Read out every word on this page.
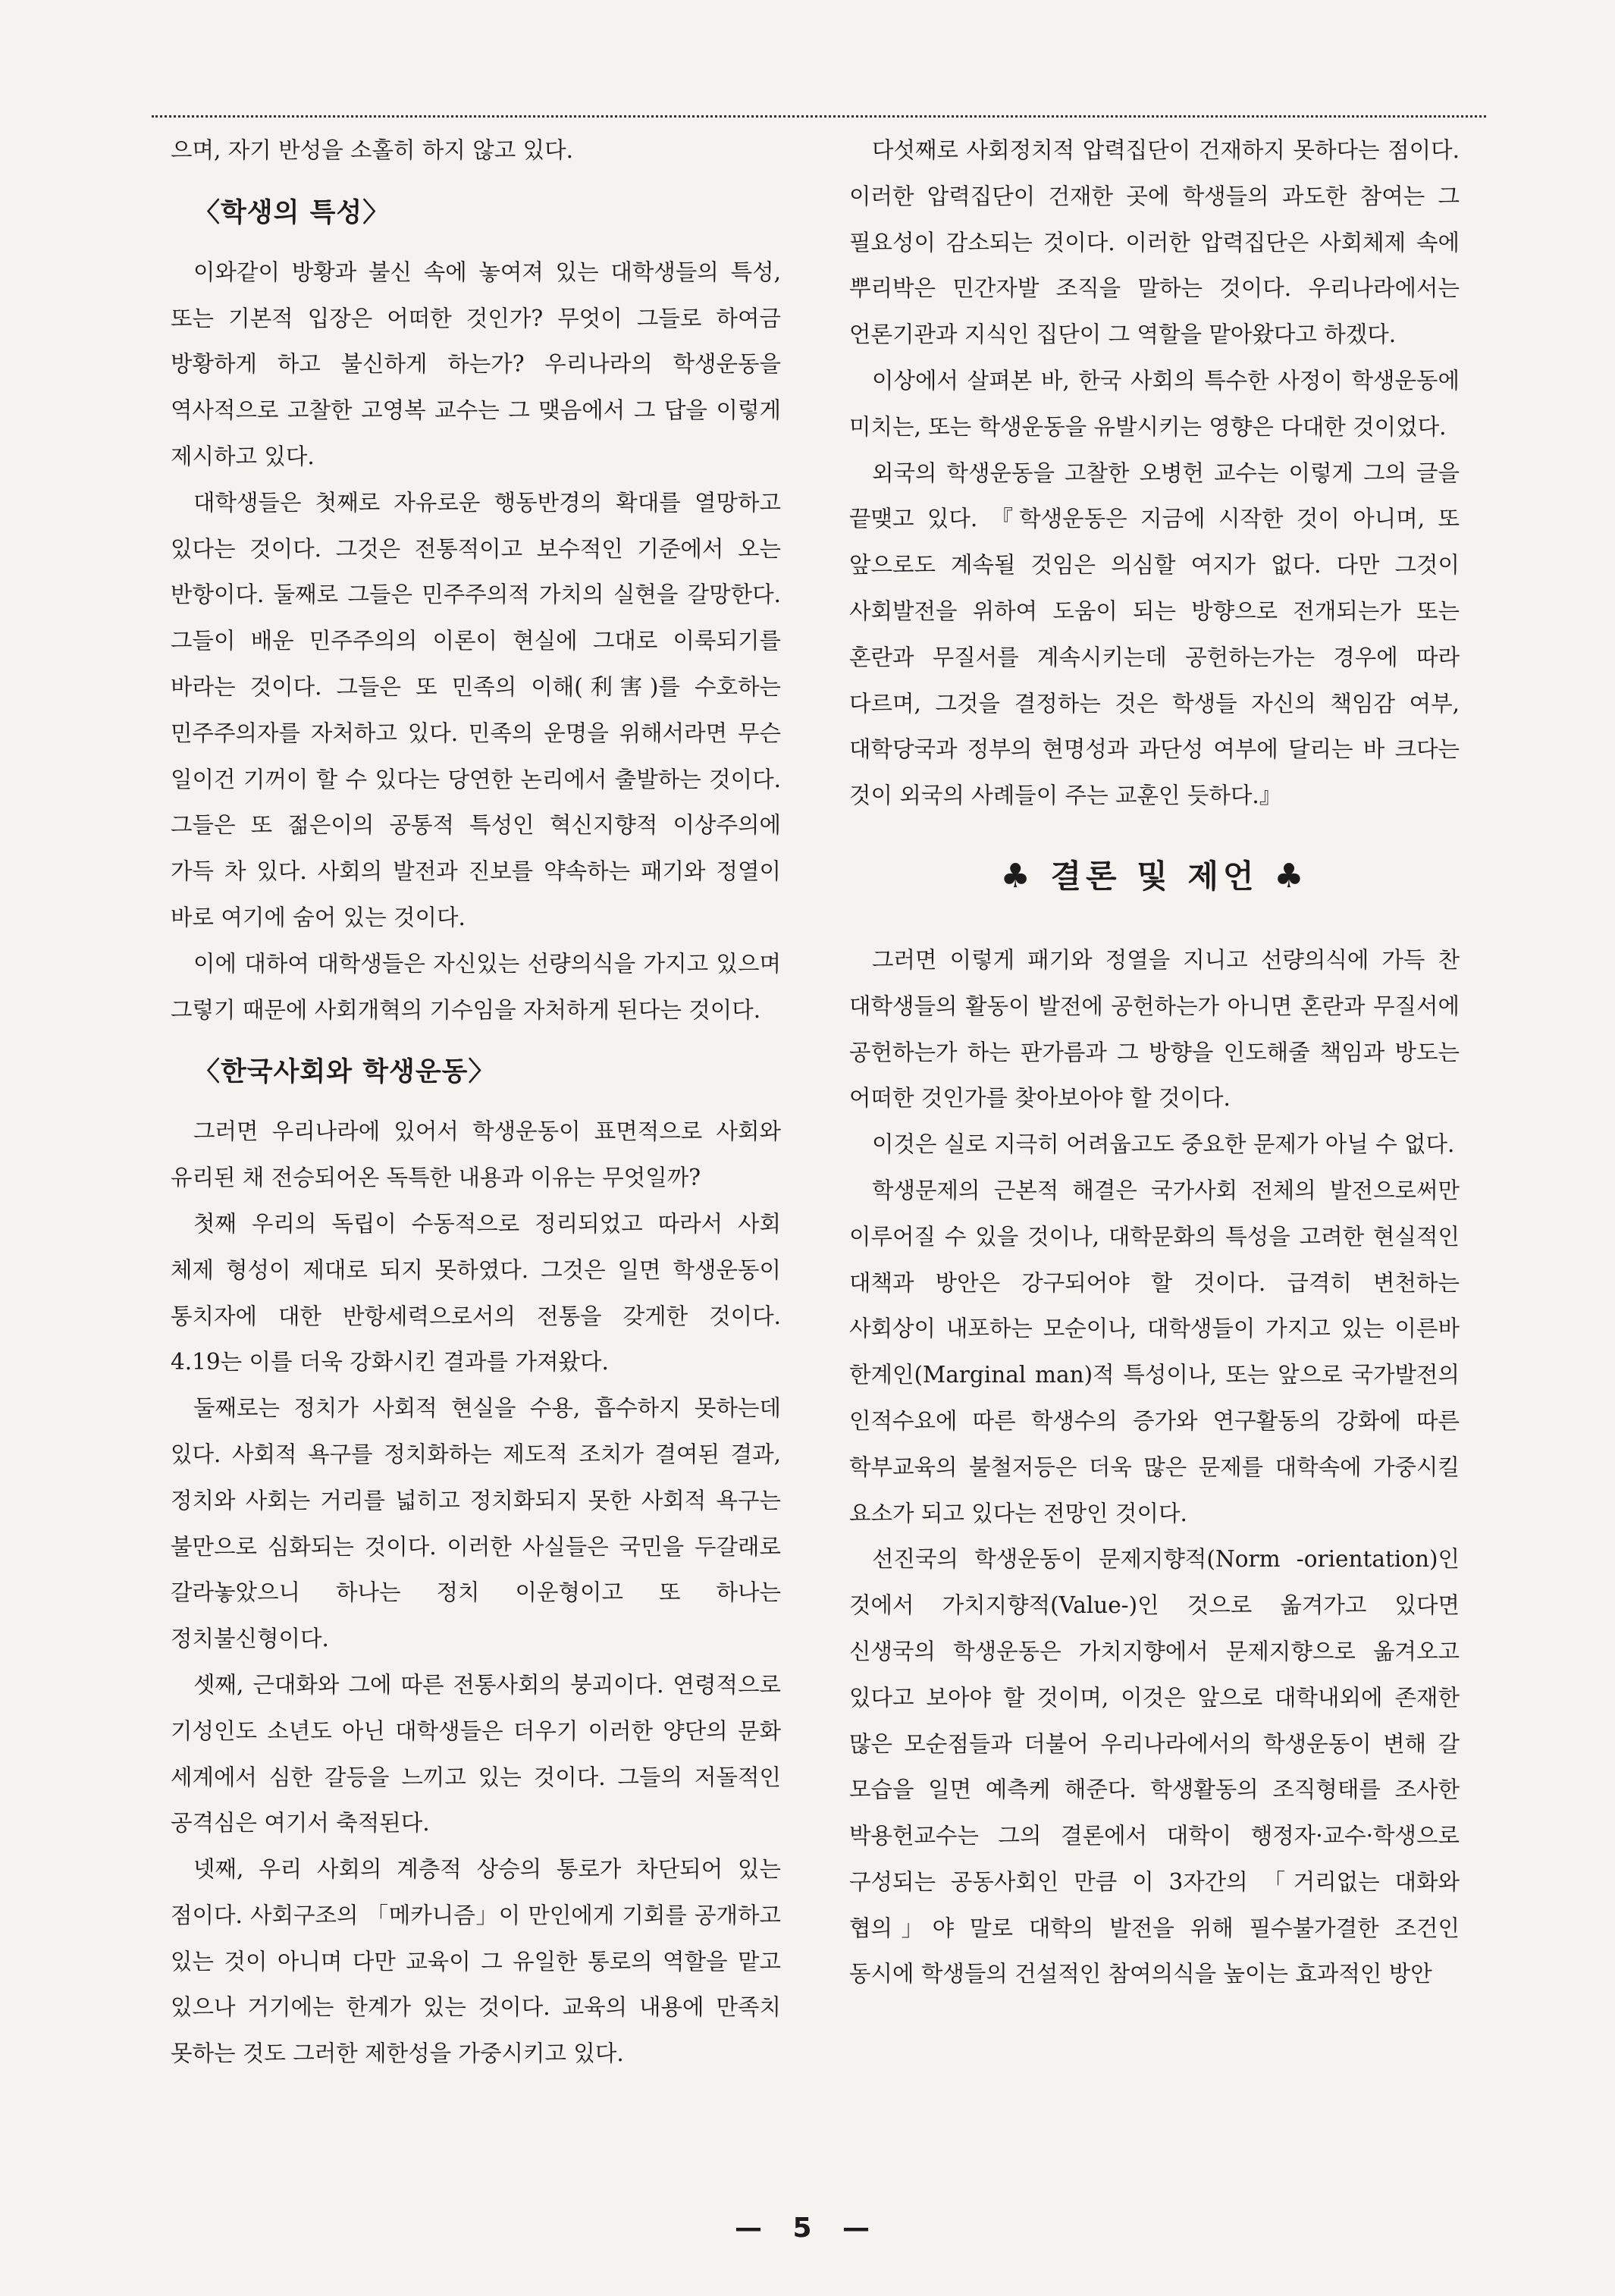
으며, 자기 반성을 소홀히 하지 않고 있다.

〈학생의 특성〉

이와같이 방황과 불신 속에 놓여져 있는 대학생들의 특성, 또는 기본적 입장은 어떠한 것인가? 무엇이 그들로 하여금 방황하게 하고 불신하게 하는가? 우리나라의 학생운동을 역사적으로 고찰한 고영복 교수는 그 맺음에서 그 답을 이렇게 제시하고 있다.

대학생들은 첫째로 자유로운 행동반경의 확대를 열망하고 있다는 것이다. 그것은 전통적이고 보수적인 기준에서 오는 반항이다. 둘째로 그들은 민주주의적 가치의 실현을 갈망한다. 그들이 배운 민주주의의 이론이 현실에 그대로 이룩되기를 바라는 것이다. 그들은 또 민족의 이해(利害)를 수호하는 민주주의자를 자처하고 있다. 민족의 운명을 위해서라면 무슨 일이건 기꺼이 할 수 있다는 당연한 논리에서 출발하는 것이다. 그들은 또 젊은이의 공통적 특성인 혁신지향적 이상주의에 가득 차 있다. 사회의 발전과 진보를 약속하는 패기와 정열이 바로 여기에 숨어 있는 것이다.

이에 대하여 대학생들은 자신있는 선량의식을 가지고 있으며 그렇기 때문에 사회개혁의 기수임을 자처하게 된다는 것이다.

〈한국사회와 학생운동〉

그러면 우리나라에 있어서 학생운동이 표면적으로 사회와 유리된 채 전승되어온 독특한 내용과 이유는 무엇일까?

첫째 우리의 독립이 수동적으로 정리되었고 따라서 사회 체제 형성이 제대로 되지 못하였다. 그것은 일면 학생운동이 통치자에 대한 반항세력으로서의 전통을 갖게한 것이다. 4.19는 이를 더욱 강화시킨 결과를 가져왔다.

둘째로는 정치가 사회적 현실을 수용, 흡수하지 못하는데 있다. 사회적 욕구를 정치화하는 제도적 조치가 결여된 결과, 정치와 사회는 거리를 넓히고 정치화되지 못한 사회적 욕구는 불만으로 심화되는 것이다. 이러한 사실들은 국민을 두갈래로 갈라놓았으니 하나는 정치 이운형이고 또 하나는 정치불신형이다.

셋째, 근대화와 그에 따른 전통사회의 붕괴이다. 연령적으로 기성인도 소년도 아닌 대학생들은 더우기 이러한 양단의 문화 세계에서 심한 갈등을 느끼고 있는 것이다. 그들의 저돌적인 공격심은 여기서 축적된다.

넷째, 우리 사회의 계층적 상승의 통로가 차단되어 있는 점이다. 사회구조의 「메카니즘」이 만인에게 기회를 공개하고 있는 것이 아니며 다만 교육이 그 유일한 통로의 역할을 맡고 있으나 거기에는 한계가 있는 것이다. 교육의 내용에 만족치 못하는 것도 그러한 제한성을 가중시키고 있다.

다섯째로 사회정치적 압력집단이 건재하지 못하다는 점이다. 이러한 압력집단이 건재한 곳에 학생들의 과도한 참여는 그 필요성이 감소되는 것이다. 이러한 압력집단은 사회체제 속에 뿌리박은 민간자발 조직을 말하는 것이다. 우리나라에서는 언론기관과 지식인 집단이 그 역할을 맡아왔다고 하겠다.

이상에서 살펴본 바, 한국 사회의 특수한 사정이 학생운동에 미치는, 또는 학생운동을 유발시키는 영향은 다대한 것이었다.

외국의 학생운동을 고찰한 오병헌 교수는 이렇게 그의 글을 끝맺고 있다. 『학생운동은 지금에 시작한 것이 아니며, 또 앞으로도 계속될 것임은 의심할 여지가 없다. 다만 그것이 사회발전을 위하여 도움이 되는 방향으로 전개되는가 또는 혼란과 무질서를 계속시키는데 공헌하는가는 경우에 따라 다르며, 그것을 결정하는 것은 학생들 자신의 책임감 여부, 대학당국과 정부의 현명성과 과단성 여부에 달리는 바 크다는 것이 외국의 사례들이 주는 교훈인 듯하다.』

♣ 결론 및 제언 ♣

그러면 이렇게 패기와 정열을 지니고 선량의식에 가득 찬 대학생들의 활동이 발전에 공헌하는가 아니면 혼란과 무질서에 공헌하는가 하는 판가름과 그 방향을 인도해줄 책임과 방도는 어떠한 것인가를 찾아보아야 할 것이다.

이것은 실로 지극히 어려웁고도 중요한 문제가 아닐 수 없다.

학생문제의 근본적 해결은 국가사회 전체의 발전으로써만 이루어질 수 있을 것이나, 대학문화의 특성을 고려한 현실적인 대책과 방안은 강구되어야 할 것이다. 급격히 변천하는 사회상이 내포하는 모순이나, 대학생들이 가지고 있는 이른바 한계인(Marginal man)적 특성이나, 또는 앞으로 국가발전의 인적수요에 따른 학생수의 증가와 연구활동의 강화에 따른 학부교육의 불철저등은 더욱 많은 문제를 대학속에 가중시킬 요소가 되고 있다는 전망인 것이다.

선진국의 학생운동이 문제지향적(Norm -orientation)인 것에서 가치지향적(Value-)인 것으로 옮겨가고 있다면 신생국의 학생운동은 가치지향에서 문제지향으로 옮겨오고 있다고 보아야 할 것이며, 이것은 앞으로 대학내외에 존재한 많은 모순점들과 더불어 우리나라에서의 학생운동이 변해 갈 모습을 일면 예측케 해준다. 학생활동의 조직형태를 조사한 박용헌교수는 그의 결론에서 대학이 행정자·교수·학생으로 구성되는 공동사회인 만큼 이 3자간의 「거리없는 대화와 협의」야 말로 대학의 발전을 위해 필수불가결한 조건인 동시에 학생들의 건설적인 참여의식을 높이는 효과적인 방안

— 5 —
